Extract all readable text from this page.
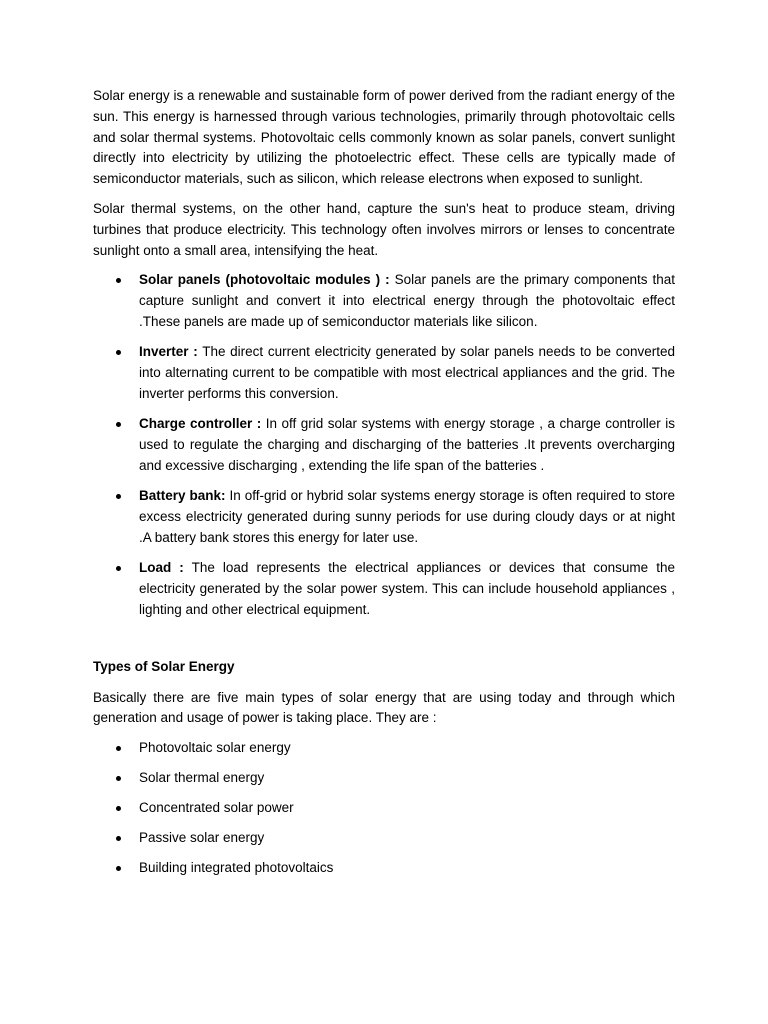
Solar energy is a renewable and sustainable form of power derived from the radiant energy of the sun. This energy is harnessed through various technologies, primarily through photovoltaic cells and solar thermal systems. Photovoltaic cells commonly known as solar panels, convert sunlight directly into electricity by utilizing the photoelectric effect. These cells are typically made of semiconductor materials, such as silicon, which release electrons when exposed to sunlight.

Solar thermal systems, on the other hand, capture the sun's heat to produce steam, driving turbines that produce electricity. This technology often involves mirrors or lenses to concentrate sunlight onto a small area, intensifying the heat.

Solar panels (photovoltaic modules ) : Solar panels are the primary components that capture sunlight and convert it into electrical energy through the photovoltaic effect .These panels are made up of semiconductor materials like silicon.
Inverter : The direct current electricity generated by solar panels needs to be converted into alternating current to be compatible with most electrical appliances and the grid. The inverter performs this conversion.
Charge controller : In off grid solar systems with energy storage , a charge controller is used to regulate the charging and discharging of the batteries .It prevents overcharging and excessive discharging , extending the life span of the batteries .
Battery bank: In off-grid or hybrid solar systems energy storage is often required to store excess electricity generated during sunny periods for use during cloudy days or at night .A battery bank stores this energy for later use.
Load : The load represents the electrical appliances or devices that consume the electricity generated by the solar power system. This can include household appliances , lighting and other electrical equipment.
Types of Solar Energy

Basically there are five main types of solar energy that are using today and through which generation and usage of power is taking place. They are :

Photovoltaic solar energy
Solar thermal energy
Concentrated solar power
Passive solar energy
Building integrated photovoltaics
